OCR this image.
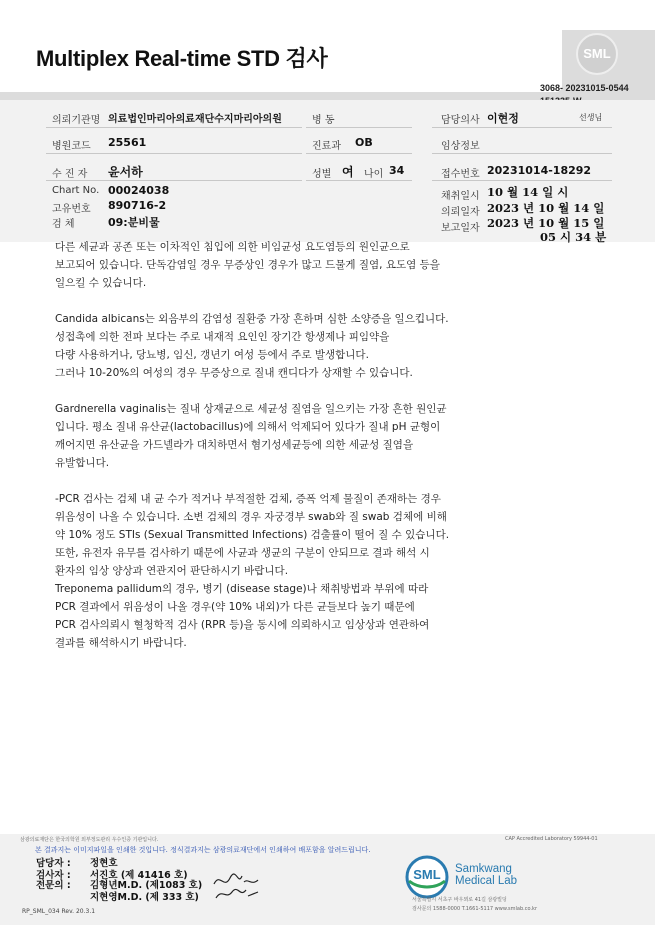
Multiplex Real-time STD 검사	SML
3068- 20231015-0544
의뢰기관명 의료법인마리아의료재단수지마리아의원	병 동	담당의사 이현정	선생님
병원코드 25561	진료과 OB	임상정보
수 진 자 윤서하	성별 여 나이 34	접수번호 20231014-18292
Chart No. 00024038
고유번호 890716-2
검 체	09:분비물
채취일시 10 월 14 일 시
의뢰일자 2023 년 10 월 14 일
보고일자 2023 년 10 월 15 일
05 시 34 분

다른 세균과 공존 또는 이차적인 침입에 의한 비임균성 요도염등의 원인균으로
보고되어 있습니다. 단독감염일 경우 무증상인 경우가 많고 드물게 질염, 요도염 등을
일으킬 수 있습니다.

Candida albicans는 외음부의 감염성 질환중 가장 흔하며 심한 소양증을 일으킵니다.
성접촉에 의한 전파 보다는 주로 내재적 요인인 장기간 항생제나 피임약을
다량 사용하거나, 당뇨병, 임신, 갱년기 여성 등에서 주로 발생합니다.
그러나 10-20%의 여성의 경우 무증상으로 질내 캔디다가 상재할 수 있습니다.

Gardnerella vaginalis는 질내 상재균으로 세균성 질염을 일으키는 가장 흔한 원인균
입니다. 평소 질내 유산균(lactobacillus)에 의해서 억제되어 있다가 질내 pH 균형이
깨어지면 유산균을 가드넬라가 대치하면서 혐기성세균등에 의한 세균성 질염을
유발합니다.

-PCR 검사는 검체 내 균 수가 적거나 부적절한 검체, 증폭 억제 물질이 존재하는 경우
위음성이 나올 수 있습니다. 소변 검체의 경우 자궁경부 swab와 질 swab 검체에 비해
약 10% 정도 STIs (Sexual Transmitted Infections) 검출률이 떨어 질 수 있습니다.
또한, 유전자 유무를 검사하기 때문에 사균과 생균의 구분이 안되므로 결과 해석 시
환자의 임상 양상과 연관지어 판단하시기 바랍니다.
Treponema pallidum의 경우, 병기 (disease stage)나 채취방법과 부위에 따라
PCR 결과에서 위음성이 나올 경우(약 10% 내외)가 다른 균들보다 높기 때문에
PCR 검사의뢰시 혈청학적 검사 (RPR 등)을 동시에 의뢰하시고 임상상과 연관하여
결과를 해석하시기 바랍니다.

삼광의료재단은 한국의학원 외부정도관리 우수인증 기관입니다.	CAP Accredited Laboratory 59944-01
본 결과지는 이미지파일을 인쇄한 것입니다. 정식결과지는 삼광의료재단에서 인쇄하여 배포함을 알려드립니다.
담당자 : 정현호
검사자 : 서진호 (제 41416 호)
전문의 : 김형년M.D. (제1083 호)
지현영M.D. (제 333 호)
SML Samkwang
Medical Lab
서울특별시 서초구 바우뫼로 41길 삼광빌딩
검사문의 1588-0000 T.1661-5117 www.smlab.co.kr
RP_SML_034 Rev. 20.3.1
